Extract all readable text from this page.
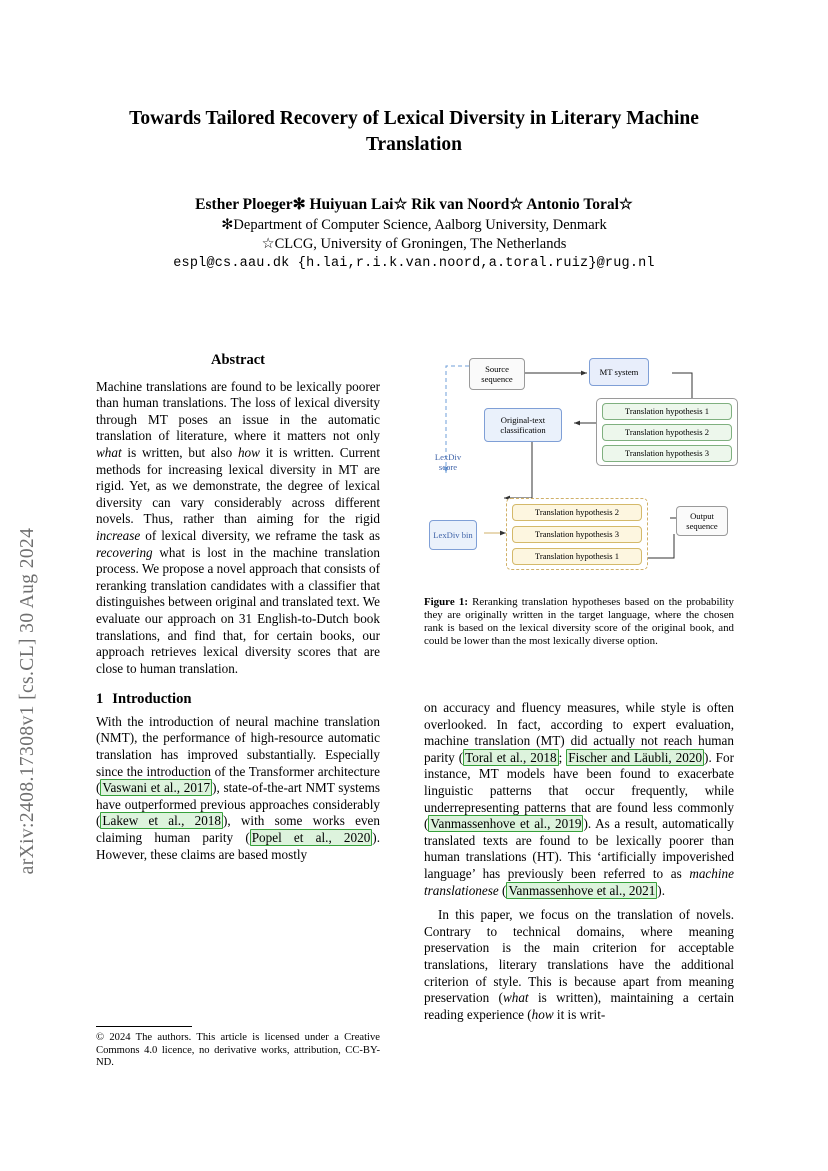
arXiv:2408.17308v1 [cs.CL] 30 Aug 2024
Towards Tailored Recovery of Lexical Diversity in Literary Machine Translation
Esther Ploeger✻ Huiyuan Lai☆ Rik van Noord☆ Antonio Toral☆
✻Department of Computer Science, Aalborg University, Denmark
☆CLCG, University of Groningen, The Netherlands
espl@cs.aau.dk {h.lai,r.i.k.van.noord,a.toral.ruiz}@rug.nl
Abstract

Machine translations are found to be lexically poorer than human translations. The loss of lexical diversity through MT poses an issue in the automatic translation of literature, where it matters not only what is written, but also how it is written. Current methods for increasing lexical diversity in MT are rigid. Yet, as we demonstrate, the degree of lexical diversity can vary considerably across different novels. Thus, rather than aiming for the rigid increase of lexical diversity, we reframe the task as recovering what is lost in the machine translation process. We propose a novel approach that consists of reranking translation candidates with a classifier that distinguishes between original and translated text. We evaluate our approach on 31 English-to-Dutch book translations, and find that, for certain books, our approach retrieves lexical diversity scores that are close to human translation.

1 Introduction

With the introduction of neural machine translation (NMT), the performance of high-resource automatic translation has improved substantially. Especially since the introduction of the Transformer architecture ( Vaswani et al., 2017 ), state-of-the-art NMT systems have outperformed previous approaches considerably ( Lakew et al., 2018 ), with some works even claiming human parity ( Popel et al., 2020 ). However, these claims are based mostly

© 2024 The authors. This article is licensed under a Creative Commons 4.0 licence, no derivative works, attribution, CC-BY-ND.
Source sequence
MT system
Original-text classification
Translation hypothesis 1
Translation hypothesis 2
Translation hypothesis 3
Translation hypothesis 2
Translation hypothesis 3
Translation hypothesis 1
Output sequence
LexDiv score
LexDiv bin
Figure 1: Reranking translation hypotheses based on the probability they are originally written in the target language, where the chosen rank is based on the lexical diversity score of the original book, and could be lower than the most lexically diverse option.

on accuracy and fluency measures, while style is often overlooked. In fact, according to expert evaluation, machine translation (MT) did actually not reach human parity ( Toral et al., 2018 ; Fischer and Läubli, 2020 ). For instance, MT models have been found to exacerbate linguistic patterns that occur frequently, while underrepresenting patterns that are found less commonly ( Vanmassenhove et al., 2019 ). As a result, automatically translated texts are found to be lexically poorer than human translations (HT). This ‘artificially impoverished language’ has previously been referred to as machine translationese ( Vanmassenhove et al., 2021 ).

In this paper, we focus on the translation of novels. Contrary to technical domains, where meaning preservation is the main criterion for acceptable translations, literary translations have the additional criterion of style. This is because apart from meaning preservation (what is written), maintaining a certain reading experience (how it is writ-
